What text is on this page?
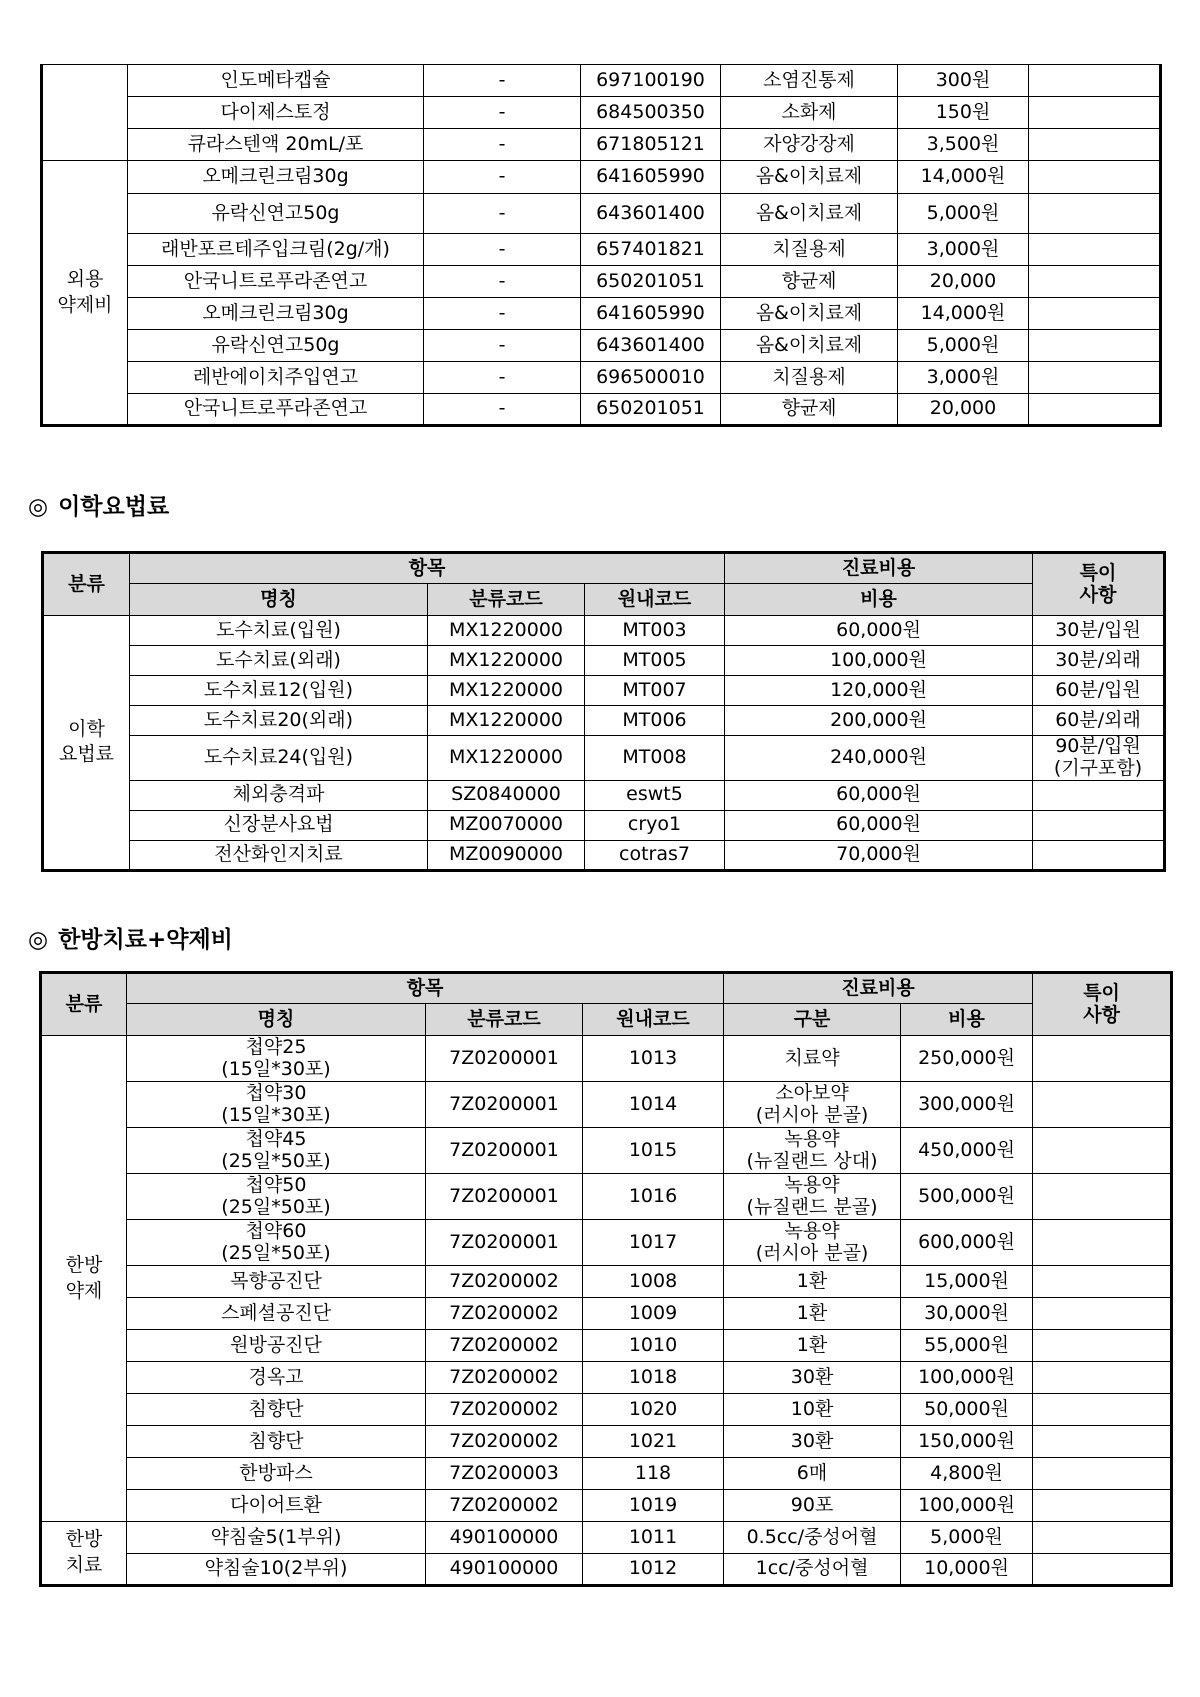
	인도메타캡슐	-	697100190	소염진통제	300원	
	다이제스토정	-	684500350	소화제	150원	
	큐라스텐액 20mL/포	-	671805121	자양강장제	3,500원	
외용
약제비	오메크린크림30g	-	641605990	옴&이치료제	14,000원	
	유락신연고50g	-	643601400	옴&이치료제	5,000원	
	래반포르테주입크림(2g/개)	-	657401821	치질용제	3,000원	
	안국니트로푸라존연고	-	650201051	향균제	20,000	
	오메크린크림30g	-	641605990	옴&이치료제	14,000원	
	유락신연고50g	-	643601400	옴&이치료제	5,000원	
	레반에이치주입연고	-	696500010	치질용제	3,000원	
	안국니트로푸라존연고	-	650201051	향균제	20,000	
◎ 이학요법료
분류	항목			진료비용	특이
사항
	명칭	분류코드	원내코드	비용	
이학
요법료	도수치료(입원)	MX1220000	MT003	60,000원	30분/입원
	도수치료(외래)	MX1220000	MT005	100,000원	30분/외래
	도수치료12(입원)	MX1220000	MT007	120,000원	60분/입원
	도수치료20(외래)	MX1220000	MT006	200,000원	60분/외래
	도수치료24(입원)	MX1220000	MT008	240,000원	90분/입원
(기구포함)
	체외충격파	SZ0840000	eswt5	60,000원	
	신장분사요법	MZ0070000	cryo1	60,000원	
	전산화인지치료	MZ0090000	cotras7	70,000원	
◎ 한방치료+약제비
분류	항목			진료비용		특이
사항
	명칭	분류코드	원내코드	구분	비용	
한방
약제	첩약25
(15일*30포)	7Z0200001	1013	치료약	250,000원	
	첩약30
(15일*30포)	7Z0200001	1014	소아보약
(러시아 분골)	300,000원	
	첩약45
(25일*50포)	7Z0200001	1015	녹용약
(뉴질랜드 상대)	450,000원	
	첩약50
(25일*50포)	7Z0200001	1016	녹용약
(뉴질랜드 분골)	500,000원	
	첩약60
(25일*50포)	7Z0200001	1017	녹용약
(러시아 분골)	600,000원	
	목향공진단	7Z0200002	1008	1환	15,000원	
	스페셜공진단	7Z0200002	1009	1환	30,000원	
	원방공진단	7Z0200002	1010	1환	55,000원	
	경옥고	7Z0200002	1018	30환	100,000원	
	침향단	7Z0200002	1020	10환	50,000원	
	침향단	7Z0200002	1021	30환	150,000원	
	한방파스	7Z0200003	118	6매	4,800원	
	다이어트환	7Z0200002	1019	90포	100,000원	
한방
치료	약침술5(1부위)	490100000	1011	0.5cc/중성어혈	5,000원	
	약침술10(2부위)	490100000	1012	1cc/중성어혈	10,000원	
